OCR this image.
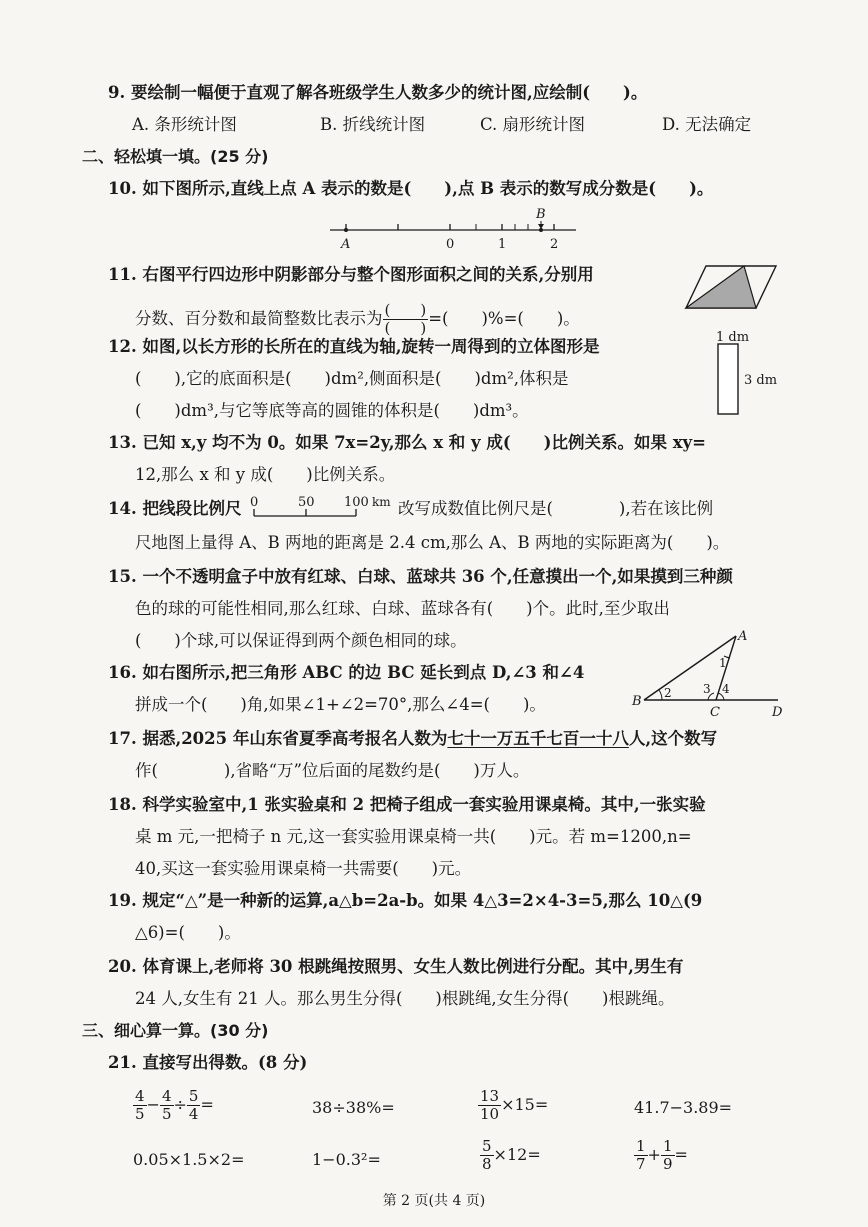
9. 要绘制一幅便于直观了解各班级学生人数多少的统计图,应绘制(　　)。
A. 条形统计图	B. 折线统计图	C. 扇形统计图	D. 无法确定
二、轻松填一填。(25 分)
10. 如下图所示,直线上点 A 表示的数是(　　),点 B 表示的数写成分数是(　　)。
A	0	1	2
B
11. 右图平行四边形中阴影部分与整个图形面积之间的关系,分别用
分数、百分数和最简整数比表示为 $\frac{( )}{( )}$ =(　　)%=(　　)。
12. 如图,以长方形的长所在的直线为轴,旋转一周得到的立体图形是
(　　),它的底面积是(　　)dm²,侧面积是(　　)dm²,体积是
(　　)dm³,与它等底等高的圆锥的体积是(　　)dm³。
1 dm
3 dm
13. 已知 x,y 均不为 0。如果 7x=2y,那么 x 和 y 成(　　)比例关系。如果 xy=
12,那么 x 和 y 成(　　)比例关系。
14. 把线段比例尺 0	50 100 km 改写成数值比例尺是(　　　　),若在该比例
尺地图上量得 A、B 两地的距离是 2.4 cm,那么 A、B 两地的实际距离为(　　)。
15. 一个不透明盒子中放有红球、白球、蓝球共 36 个,任意摸出一个,如果摸到三种颜
色的球的可能性相同,那么红球、白球、蓝球各有(　　)个。此时,至少取出
(　　)个球,可以保证得到两个颜色相同的球。
16. 如右图所示,把三角形 ABC 的边 BC 延长到点 D,∠3 和∠4
拼成一个(　　)角,如果∠1+∠2=70°,那么∠4=(　　)。
A
B
C	D
1
2	3 4
17. 据悉,2025 年山东省夏季高考报名人数为七十一万五千七百一十八人,这个数写
作(　　　　),省略“万”位后面的尾数约是(　　)万人。
18. 科学实验室中,1 张实验桌和 2 把椅子组成一套实验用课桌椅。其中,一张实验
桌 m 元,一把椅子 n 元,这一套实验用课桌椅一共(　　)元。若 m=1200,n=
40,买这一套实验用课桌椅一共需要(　　)元。
19. 规定“△”是一种新的运算,a△b=2a-b。如果 4△3=2×4-3=5,那么 10△(9
△6)=(　　)。
20. 体育课上,老师将 30 根跳绳按照男、女生人数比例进行分配。其中,男生有
24 人,女生有 21 人。那么男生分得(　　)根跳绳,女生分得(　　)根跳绳。
三、细心算一算。(30 分)
21. 直接写出得数。(8 分)
$\frac{4}{5} - \frac{4}{5} \div \frac{5}{4}$ =	38÷38%=	$\frac{13}{10} \times 15=$	41.7−3.89=
0.05×1.5×2=	1−0.3²=	$\frac{5}{8} \times 12=$	$\frac{1}{7} + \frac{1}{9}$ =
第 2 页(共 4 页)
